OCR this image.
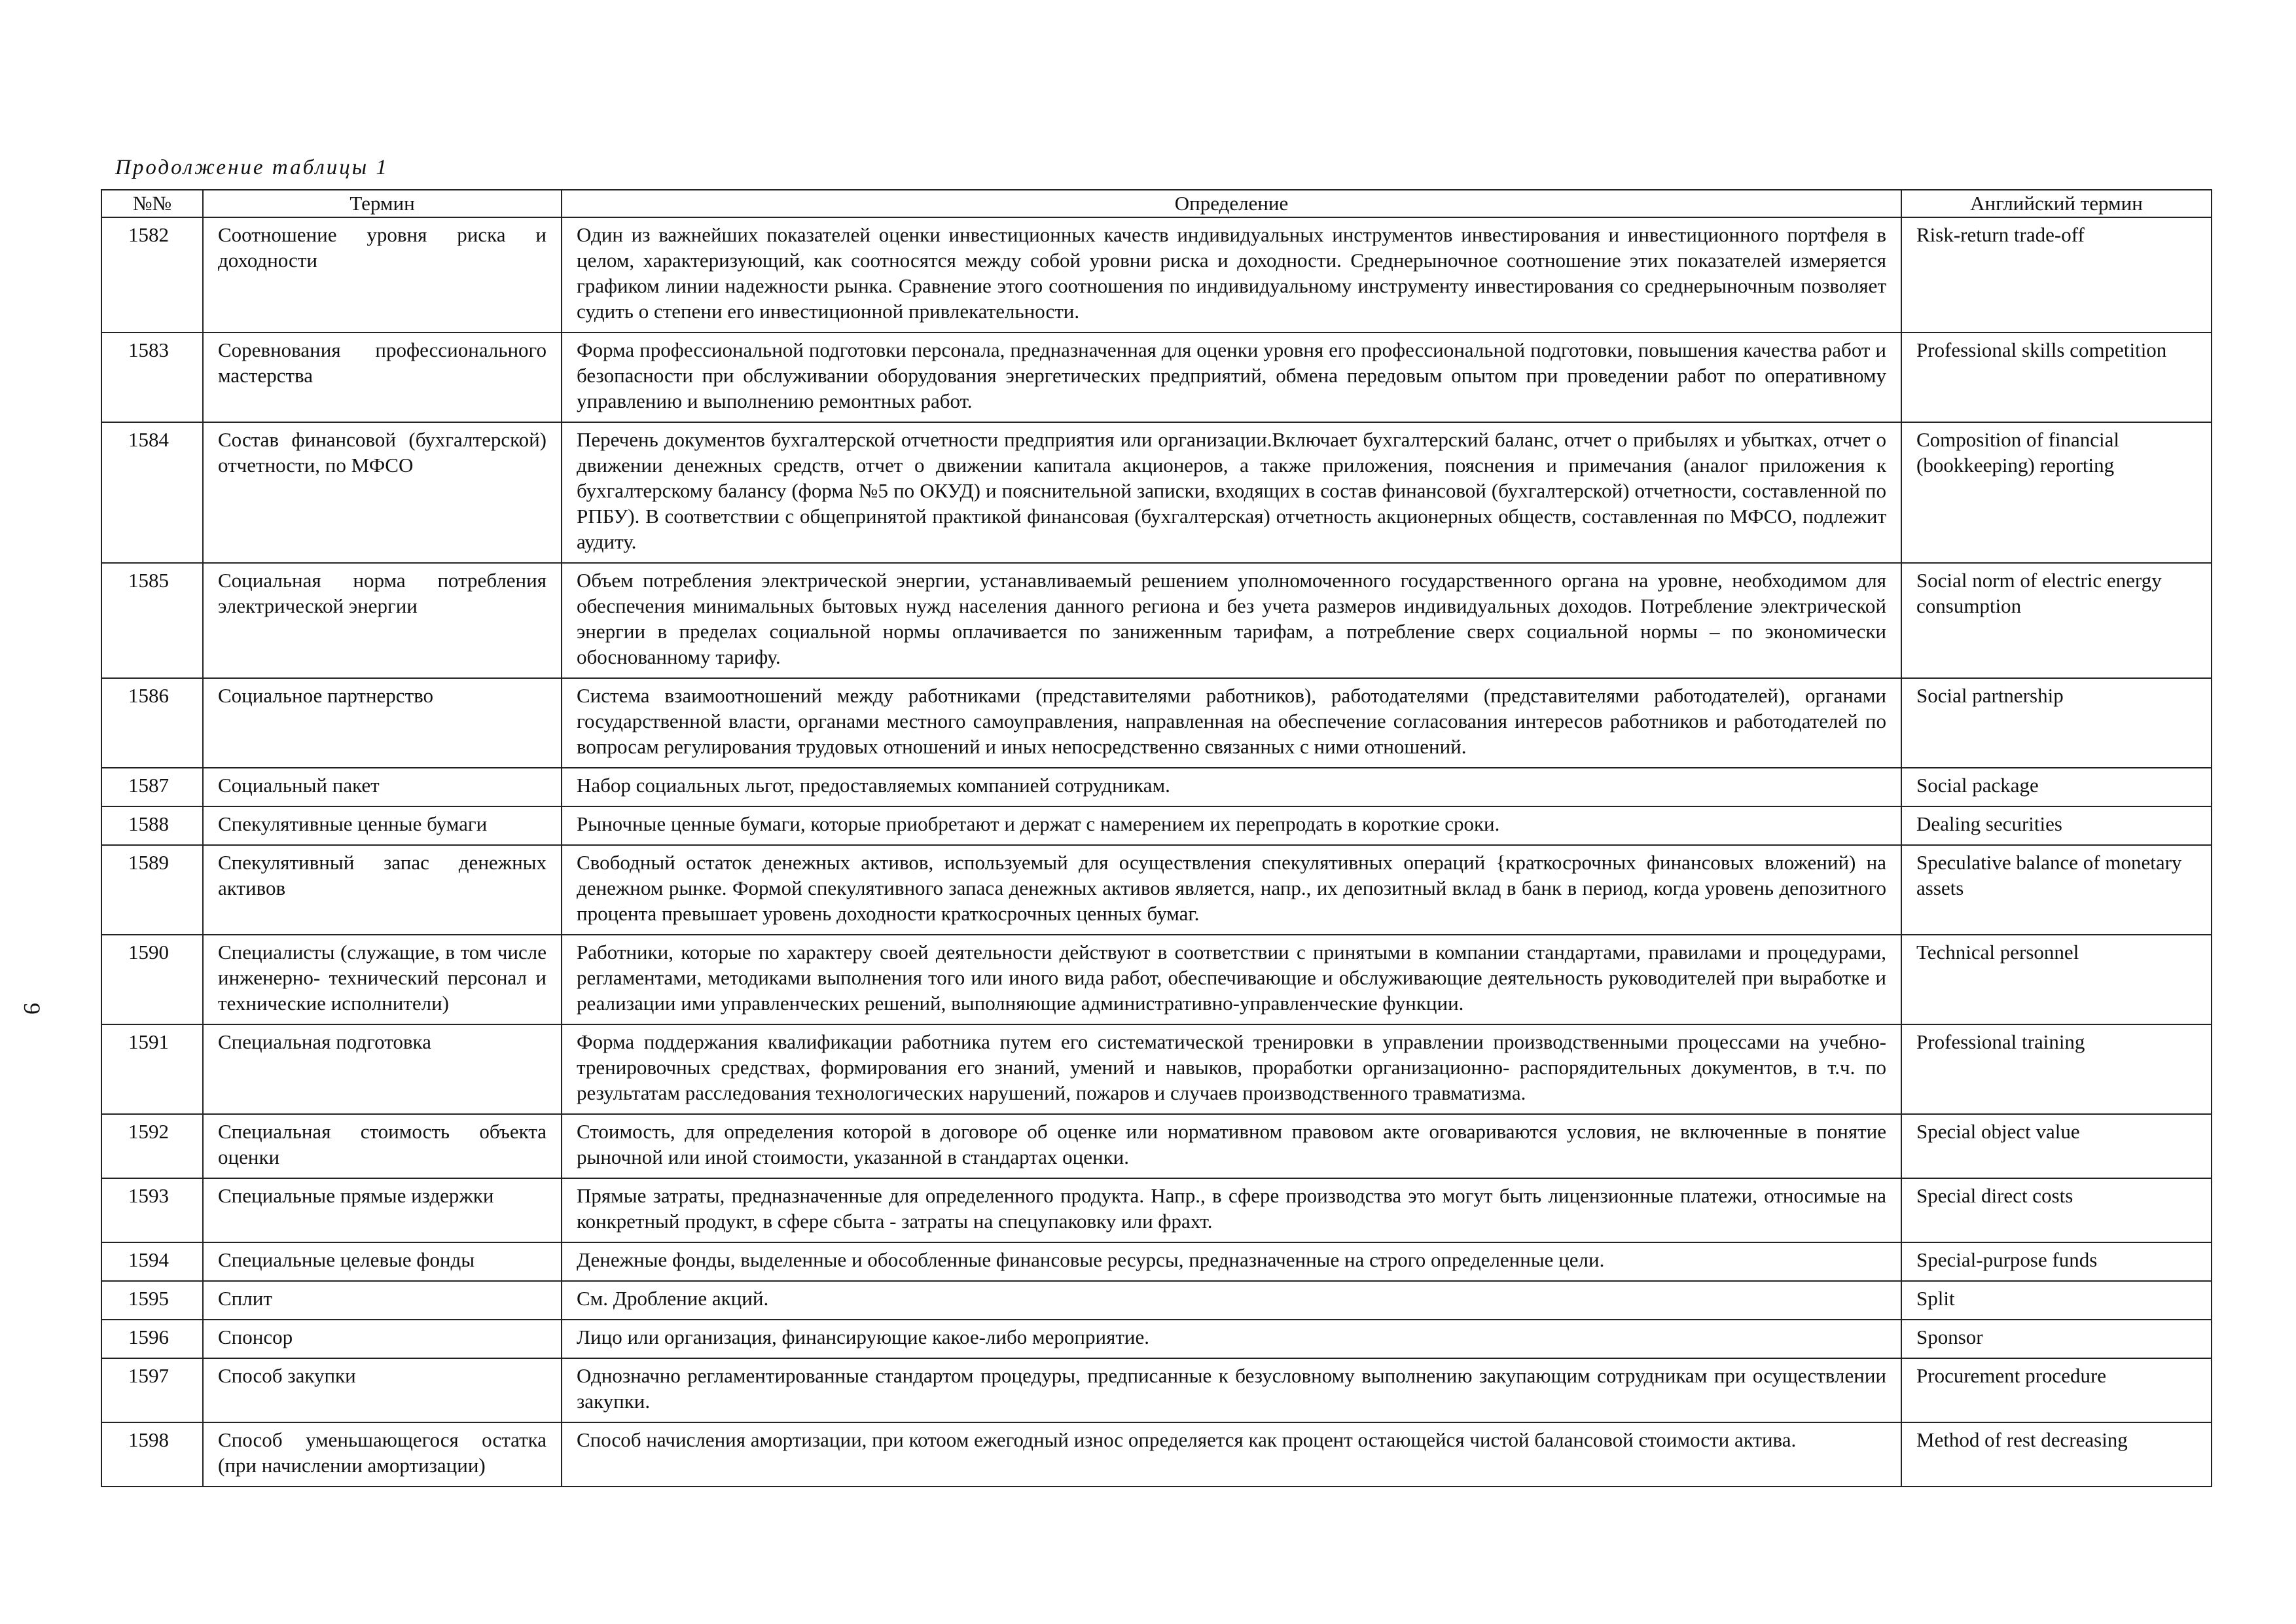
9
Продолжение таблицы 1
№№	Термин	Определение	Английский термин
1582	Соотношение уровня риска и доходности	Один из важнейших показателей оценки инвестиционных качеств индивидуальных инструментов инвестирования и инвестиционного портфеля в целом, характеризующий, как соотносятся между собой уровни риска и доходности. Среднерыночное соотношение этих показателей измеряется графиком линии надежности рынка. Сравнение этого соотношения по индивидуальному инструменту инвестирования со среднерыночным позволяет судить о степени его инвестиционной привлекательности.	Risk-return trade-off
1583	Соревнования профессионального мастерства	Форма профессиональной подготовки персонала, предназначенная для оценки уровня его профессиональной подготовки, повышения качества работ и безопасности при обслуживании оборудования энергетических предприятий, обмена передовым опытом при проведении работ по оперативному управлению и выполнению ремонтных работ.	Professional skills competition
1584	Состав финансовой (бухгалтерской) отчетности, по МФСО	Перечень документов бухгалтерской отчетности предприятия или организации.Включает бухгалтерский баланс, отчет о прибылях и убытках, отчет о движении денежных средств, отчет о движении капитала акционеров, а также приложения, пояснения и примечания (аналог приложения к бухгалтерскому балансу (форма №5 по ОКУД) и пояснительной записки, входящих в состав финансовой (бухгалтерской) отчетности, составленной по РПБУ). В соответствии с общепринятой практикой финансовая (бухгалтерская) отчетность акционерных обществ, составленная по МФСО, подлежит аудиту.	Composition of financial (bookkeeping) reporting
1585	Социальная норма потребления электрической энергии	Объем потребления электрической энергии, устанавливаемый решением уполномоченного государственного органа на уровне, необходимом для обеспечения минимальных бытовых нужд населения данного региона и без учета размеров индивидуальных доходов. Потребление электрической энергии в пределах социальной нормы оплачивается по заниженным тарифам, а потребление сверх социальной нормы – по экономически обоснованному тарифу.	Social norm of electric energy consumption
1586	Социальное партнерство	Система взаимоотношений между работниками (представителями работников), работодателями (представителями работодателей), органами государственной власти, органами местного самоуправления, направленная на обеспечение согласования интересов работников и работодателей по вопросам регулирования трудовых отношений и иных непосредственно связанных с ними отношений.	Social partnership
1587	Социальный пакет	Набор социальных льгот, предоставляемых компанией сотрудникам.	Social package
1588	Спекулятивные ценные бумаги	Рыночные ценные бумаги, которые приобретают и держат с намерением их перепродать в короткие сроки.	Dealing securities
1589	Спекулятивный запас денежных активов	Свободный остаток денежных активов, используемый для осуществления спекулятивных операций {краткосрочных финансовых вложений) на денежном рынке. Формой спекулятивного запаса денежных активов является, напр., их депозитный вклад в банк в период, когда уровень депозитного процента превышает уровень доходности краткосрочных ценных бумаг.	Speculative balance of monetary assets
1590	Специалисты (служащие, в том числе инженерно- технический персонал и технические исполнители)	Работники, которые по характеру своей деятельности действуют в соответствии с принятыми в компании стандартами, правилами и процедурами, регламентами, методиками выполнения того или иного вида работ, обеспечивающие и обслуживающие деятельность руководителей при выработке и реализации ими управленческих решений, выполняющие административно-управленческие функции.	Technical personnel
1591	Специальная подготовка	Форма поддержания квалификации работника путем его систематической тренировки в управлении производственными процессами на учебно-тренировочных средствах, формирования его знаний, умений и навыков, проработки организационно- распорядительных документов, в т.ч. по результатам расследования технологических нарушений, пожаров и случаев производственного травматизма.	Professional training
1592	Специальная стоимость объекта оценки	Стоимость, для определения которой в договоре об оценке или нормативном правовом акте оговариваются условия, не включенные в понятие рыночной или иной стоимости, указанной в стандартах оценки.	Special object value
1593	Специальные прямые издержки	Прямые затраты, предназначенные для определенного продукта. Напр., в сфере производства это могут быть лицензионные платежи, относимые на конкретный продукт, в сфере сбыта - затраты на спецупаковку или фрахт.	Special direct costs
1594	Специальные целевые фонды	Денежные фонды, выделенные и обособленные финансовые ресурсы, предназначенные на строго определенные цели.	Special-purpose funds
1595	Сплит	См. Дробление акций.	Split
1596	Спонсор	Лицо или организация, финансирующие какое-либо мероприятие.	Sponsor
1597	Способ закупки	Однозначно регламентированные стандартом процедуры, предписанные к безусловному выполнению закупающим сотрудникам при осуществлении закупки.	Procurement procedure
1598	Способ уменьшающегося остатка (при начислении амортизации)	Способ начисления амортизации, при котоом ежегодный износ определяется как процент остающейся чистой балансовой стоимости актива.	Method of rest decreasing
